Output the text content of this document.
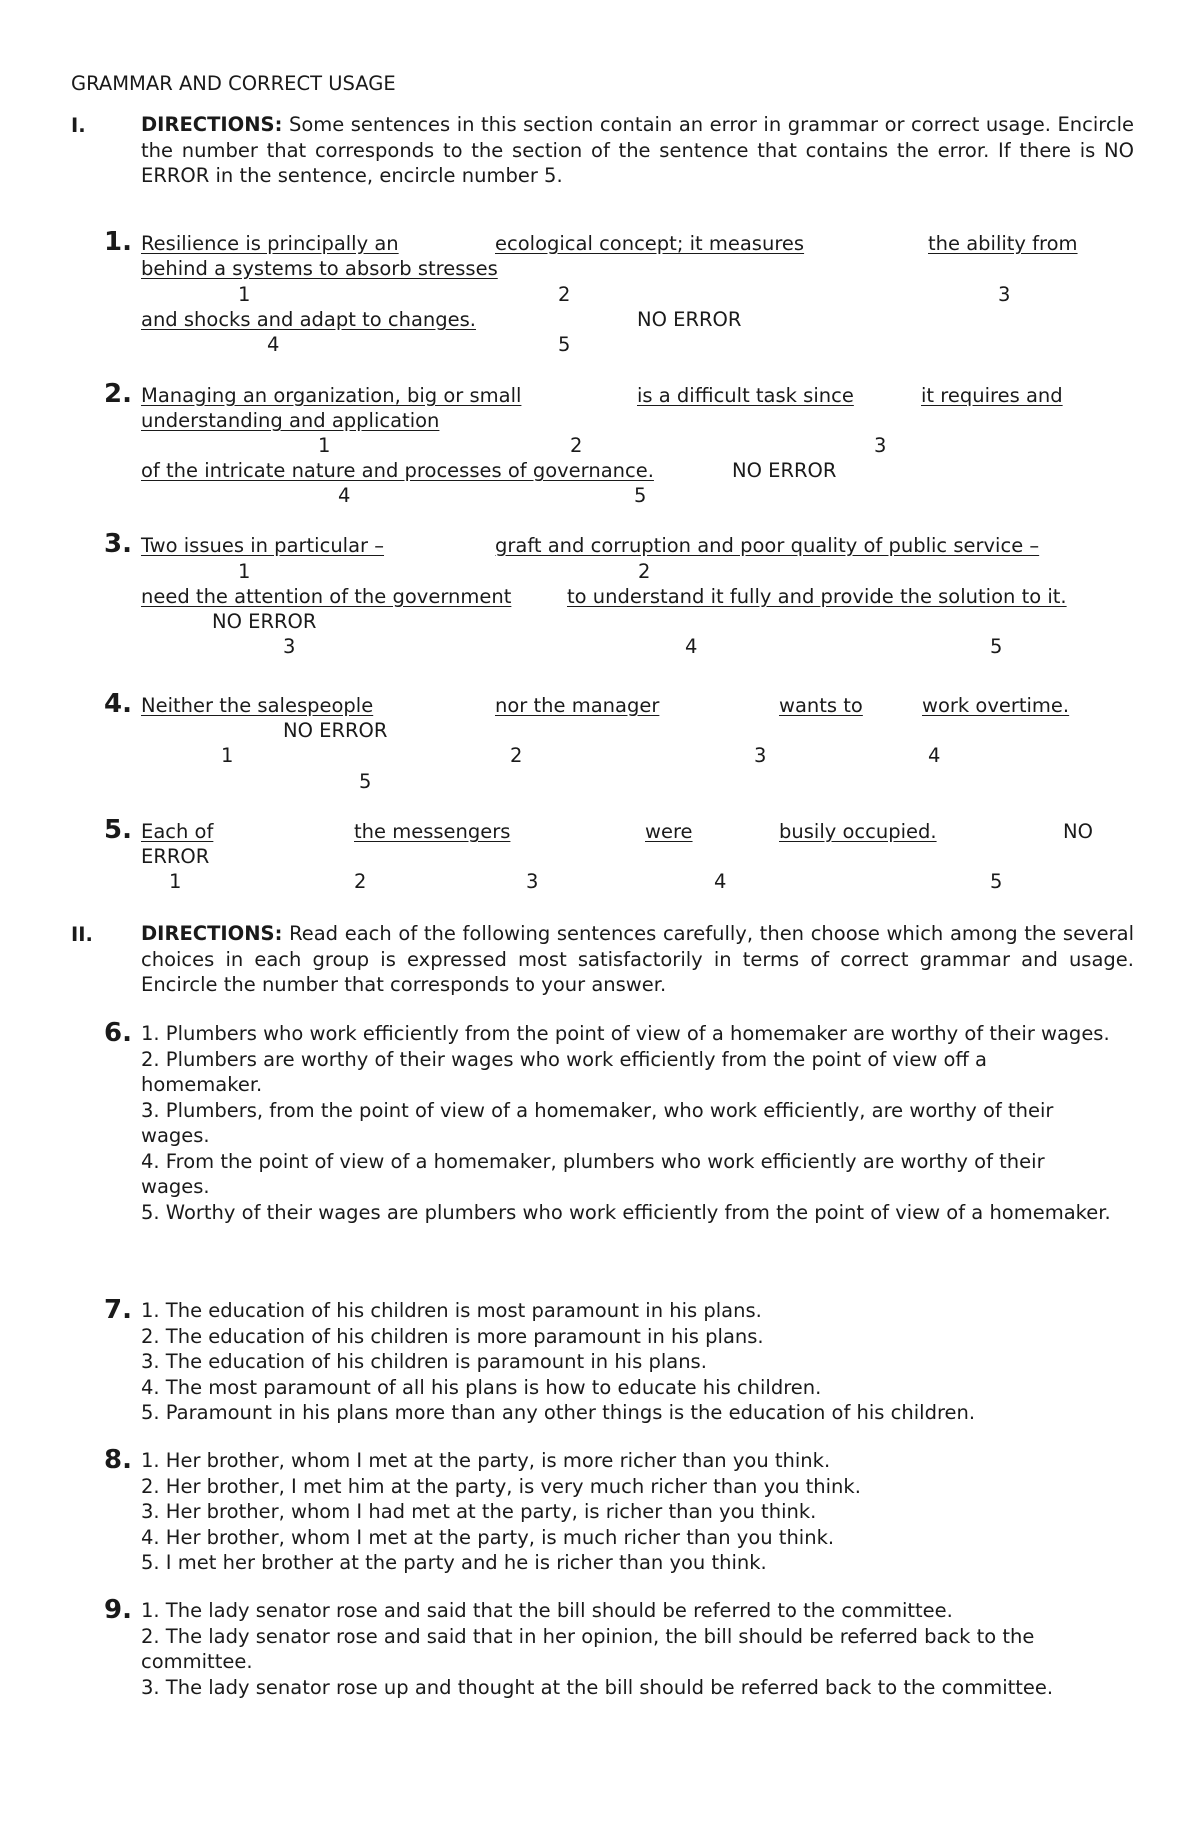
GRAMMAR AND CORRECT USAGE
I.	DIRECTIONS: Some sentences in this section contain an error in grammar or correct usage. Encircle the number that corresponds to the section of the sentence that contains the error. If there is NO ERROR in the sentence, encircle number 5.
1. Resilience is principally an	ecological concept; it measures	the ability from
behind a systems to absorb stresses
1	2	3
and shocks and adapt to changes.	NO ERROR
4	5
2. Managing an organization, big or small	is a difficult task since	it requires and
understanding and application
1	2	3
of the intricate nature and processes of governance.	NO ERROR
4	5
3. Two issues in particular –	graft and corruption and poor quality of public service –
1	2
need the attention of the government	to understand it fully and provide the solution to it.
NO ERROR
3	4	5
4. Neither the salespeople	nor the manager	wants to	work overtime.
NO ERROR
1	2	3	4
5
5. Each of	the messengers	were	busily occupied.	NO
ERROR
1	2	3	4	5
II. DIRECTIONS: Read each of the following sentences carefully, then choose which among the several choices in each group is expressed most satisfactorily in terms of correct grammar and usage. Encircle the number that corresponds to your answer.
6. 1. Plumbers who work efficiently from the point of view of a homemaker are worthy of their wages.
2. Plumbers are worthy of their wages who work efficiently from the point of view off a homemaker.
3. Plumbers, from the point of view of a homemaker, who work efficiently, are worthy of their wages.
4. From the point of view of a homemaker, plumbers who work efficiently are worthy of their wages.
5. Worthy of their wages are plumbers who work efficiently from the point of view of a homemaker.
7. 1. The education of his children is most paramount in his plans.
2. The education of his children is more paramount in his plans.
3. The education of his children is paramount in his plans.
4. The most paramount of all his plans is how to educate his children.
5. Paramount in his plans more than any other things is the education of his children.
8. 1. Her brother, whom I met at the party, is more richer than you think.
2. Her brother, I met him at the party, is very much richer than you think.
3. Her brother, whom I had met at the party, is richer than you think.
4. Her brother, whom I met at the party, is much richer than you think.
5. I met her brother at the party and he is richer than you think.
9. 1. The lady senator rose and said that the bill should be referred to the committee.
2. The lady senator rose and said that in her opinion, the bill should be referred back to the committee.
3. The lady senator rose up and thought at the bill should be referred back to the committee.
